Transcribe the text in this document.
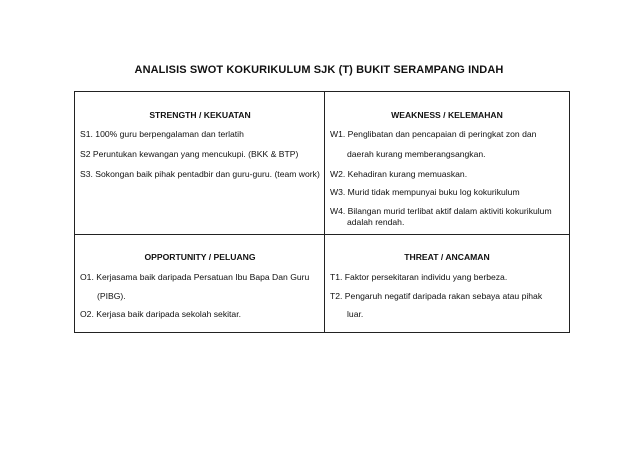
ANALISIS SWOT KOKURIKULUM SJK (T) BUKIT SERAMPANG INDAH
STRENGTH / KEKUATAN
S1. 100% guru berpengalaman dan terlatih
S2 Peruntukan kewangan yang mencukupi. (BKK & BTP)
S3. Sokongan baik pihak pentadbir dan guru-guru. (team work)
WEAKNESS / KELEMAHAN
W1. Penglibatan dan pencapaian di peringkat zon dan
daerah kurang memberangsangkan.
W2. Kehadiran kurang memuaskan.
W3. Murid tidak mempunyai buku log kokurikulum
W4. Bilangan murid terlibat aktif dalam aktiviti kokurikulum
adalah rendah.
OPPORTUNITY / PELUANG
O1. Kerjasama baik daripada Persatuan Ibu Bapa Dan Guru
(PIBG).
O2. Kerjasa baik daripada sekolah sekitar.
THREAT / ANCAMAN
T1. Faktor persekitaran individu yang berbeza.
T2. Pengaruh negatif daripada rakan sebaya atau pihak
luar.
